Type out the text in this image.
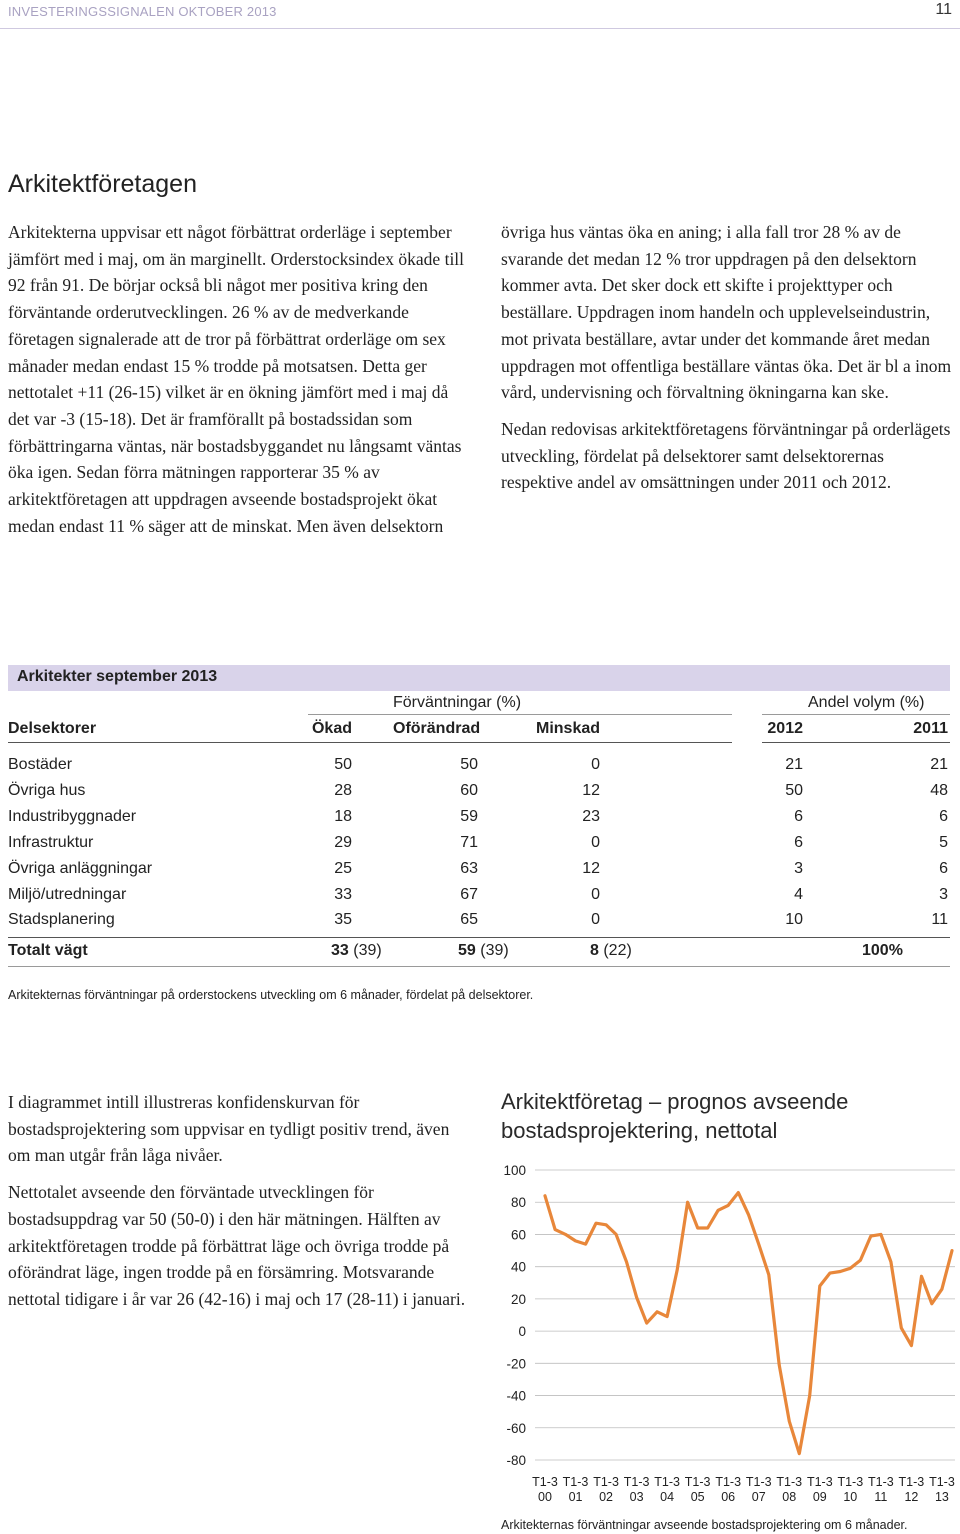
INVESTERINGSSIGNALEN OKTOBER 2013	11
Arkitektföretagen

Arkitekterna uppvisar ett något förbättrat orderläge i september jämfört med i maj, om än marginellt. Orderstocksindex ökade till 92 från 91. De börjar också bli något mer positiva kring den förväntande orderutvecklingen. 26 % av de medverkande företagen signalerade att de tror på förbättrat orderläge om sex månader medan endast 15 % trodde på motsatsen. Detta ger nettotalet +11 (26-15) vilket är en ökning jämfört med i maj då det var -3 (15-18). Det är framförallt på bostadssidan som förbättringarna väntas, när bostadsbyggandet nu långsamt väntas öka igen. Sedan förra mätningen rapporterar 35 % av arkitektföretagen att uppdragen avseende bostadsprojekt ökat medan endast 11 % säger att de minskat. Men även delsektorn

övriga hus väntas öka en aning; i alla fall tror 28 % av de svarande det medan 12 % tror uppdragen på den delsektorn kommer avta. Det sker dock ett skifte i projekttyper och beställare. Uppdragen inom handeln och upplevelseindustrin, mot privata beställare, avtar under det kommande året medan uppdragen mot offentliga beställare väntas öka. Det är bl a inom vård, undervisning och förvaltning ökningarna kan ske.

Nedan redovisas arkitektföretagens förväntningar på orderlägets utveckling, fördelat på delsektorer samt delsektorernas respektive andel av omsättningen under 2011 och 2012.

Arkitekter september 2013
Förväntningar (%)	Andel volym (%)
Delsektorer	Ökad	Oförändrad	Minskad	2012	2011
Bostäder	50	50	0	21	21
Övriga hus	28	60	12	50	48
Industribyggnader	18	59	23	6	6
Infrastruktur	29	71	0	6	5
Övriga anläggningar	25	63	12	3	6
Miljö/utredningar	33	67	0	4	3
Stadsplanering	35	65	0	10	11
Totalt vägt	33 (39)	59 (39)	8 (22)	100%
Arkitekternas förväntningar på orderstockens utveckling om 6 månader, fördelat på delsektorer.

I diagrammet intill illustreras konfidenskurvan för bostadsprojektering som uppvisar en tydligt positiv trend, även om man utgår från låga nivåer.

Nettotalet avseende den förväntade utvecklingen för bostadsuppdrag var 50 (50-0) i den här mätningen. Hälften av arkitektföretagen trodde på förbättrat läge och övriga trodde på oförändrat läge, ingen trodde på en försämring. Motsvarande nettotal tidigare i år var 26 (42-16) i maj och 17 (28-11) i januari.

Arkitektföretag – prognos avseende bostadsprojektering, nettotal
100
80
60
40
20
0
-20
-40
-60
-80
T1-3
00
T1-3
01
T1-3
02
T1-3
03
T1-3
04
T1-3
05
T1-3
06
T1-3
07
T1-3
08
T1-3
09
T1-3
10
T1-3
11
T1-3
12
T1-3
13
Arkitekternas förväntningar avseende bostadsprojektering om 6 månader.
